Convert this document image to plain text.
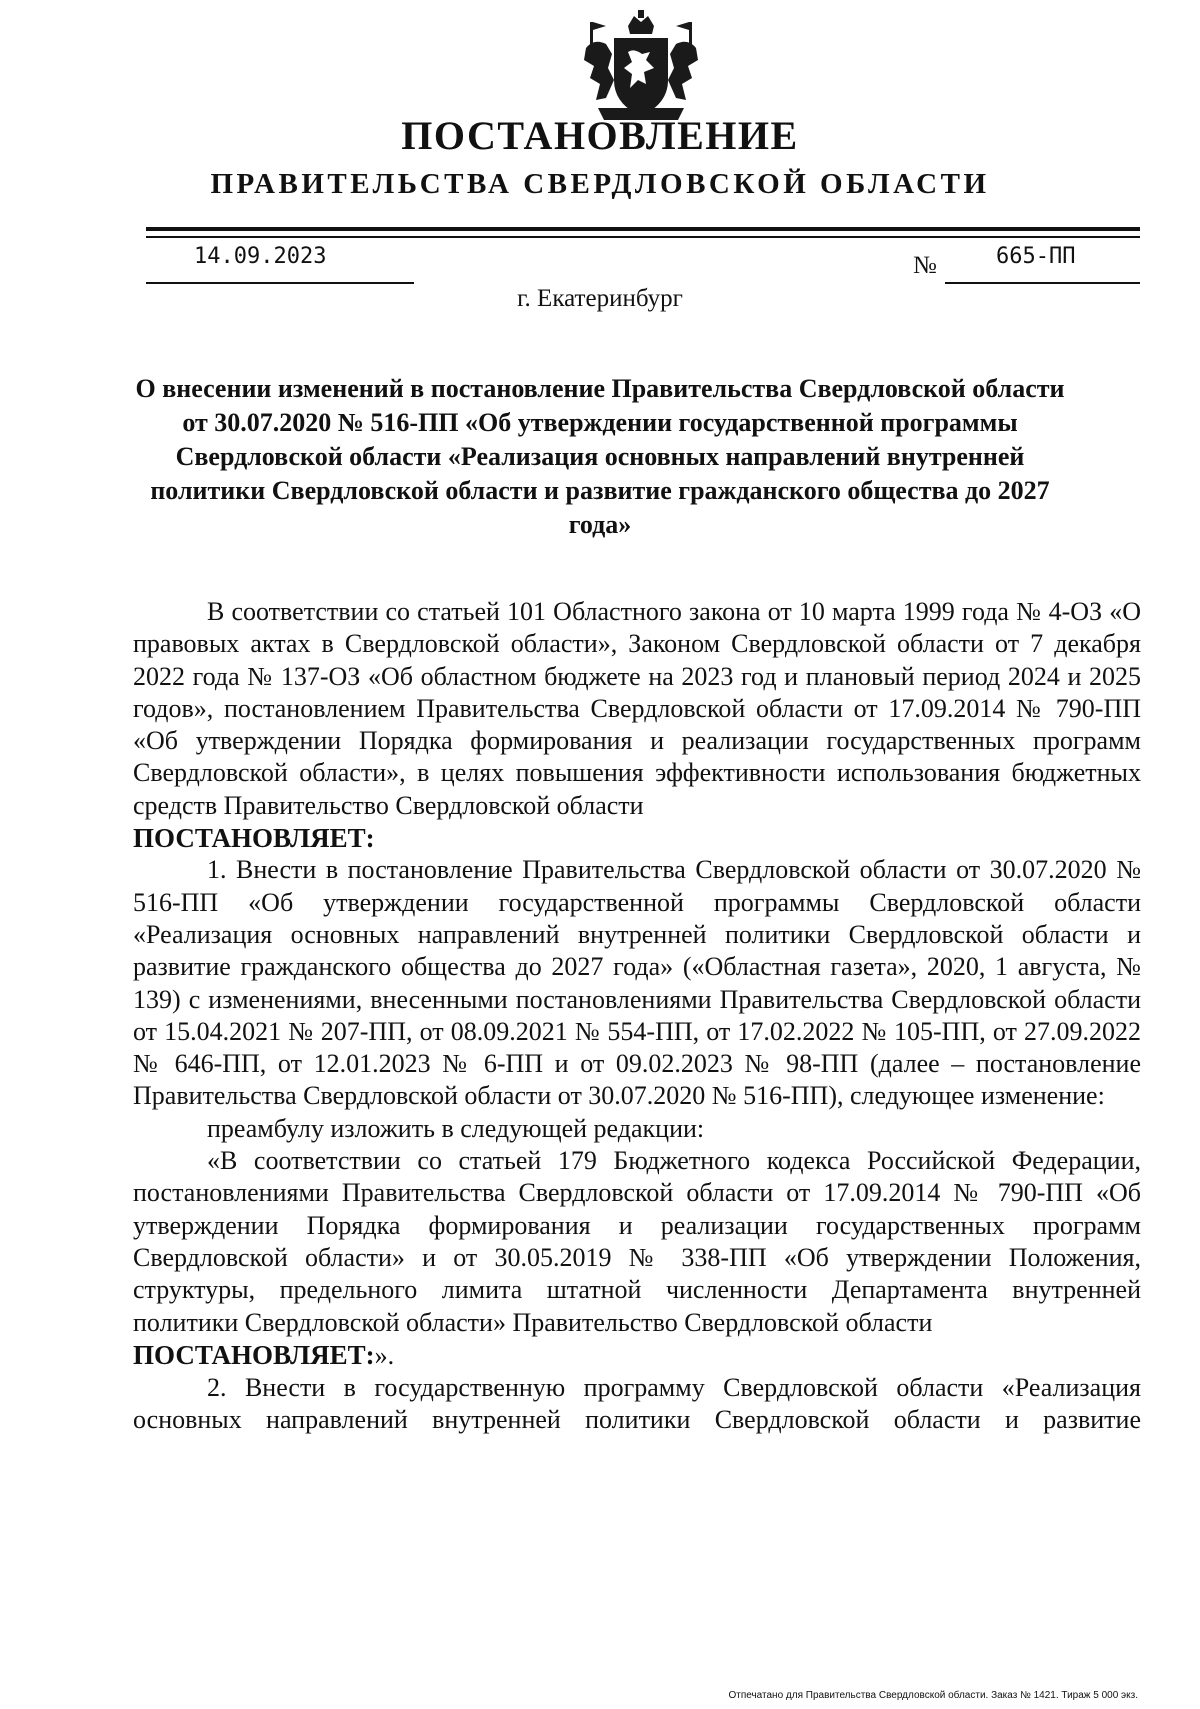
ПОСТАНОВЛЕНИЕ
ПРАВИТЕЛЬСТВА СВЕРДЛОВСКОЙ ОБЛАСТИ
14.09.2023	№	665-ПП
г. Екатеринбург
О внесении изменений в постановление Правительства Свердловской области от 30.07.2020 № 516-ПП «Об утверждении государственной программы Свердловской области «Реализация основных направлений внутренней политики Свердловской области и развитие гражданского общества до 2027 года»

В соответствии со статьей 101 Областного закона от 10 марта 1999 года № 4-ОЗ «О правовых актах в Свердловской области», Законом Свердловской области от 7 декабря 2022 года № 137-ОЗ «Об областном бюджете на 2023 год и плановый период 2024 и 2025 годов», постановлением Правительства Свердловской области от 17.09.2014 № 790-ПП «Об утверждении Порядка формирования и реализации государственных программ Свердловской области», в целях повышения эффективности использования бюджетных средств Правительство Свердловской области

ПОСТАНОВЛЯЕТ:

1. Внести в постановление Правительства Свердловской области от 30.07.2020 № 516-ПП «Об утверждении государственной программы Свердловской области «Реализация основных направлений внутренней политики Свердловской области и развитие гражданского общества до 2027 года» («Областная газета», 2020, 1 августа, № 139) с изменениями, внесенными постановлениями Правительства Свердловской области от 15.04.2021 № 207-ПП, от 08.09.2021 № 554-ПП, от 17.02.2022 № 105-ПП, от 27.09.2022 № 646-ПП, от 12.01.2023 № 6-ПП и от 09.02.2023 № 98-ПП (далее – постановление Правительства Свердловской области от 30.07.2020 № 516-ПП), следующее изменение:

преамбулу изложить в следующей редакции:

«В соответствии со статьей 179 Бюджетного кодекса Российской Федерации, постановлениями Правительства Свердловской области от 17.09.2014 № 790-ПП «Об утверждении Порядка формирования и реализации государственных программ Свердловской области» и от 30.05.2019 № 338-ПП «Об утверждении Положения, структуры, предельного лимита штатной численности Департамента внутренней политики Свердловской области» Правительство Свердловской области

ПОСТАНОВЛЯЕТ:».

2. Внести в государственную программу Свердловской области «Реализация основных направлений внутренней политики Свердловской области и развитие

Отпечатано для Правительства Свердловской области. Заказ № 1421. Тираж 5 000 экз.
